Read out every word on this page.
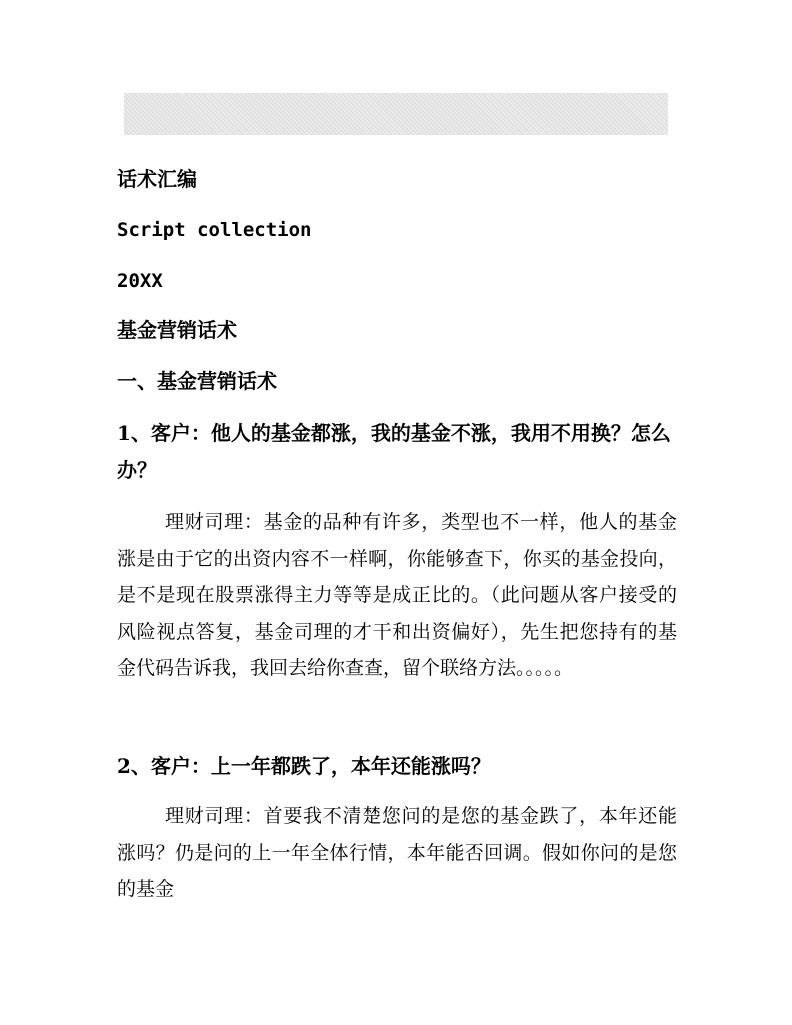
话术汇编
Script collection
20XX
基金营销话术
一、基金营销话术
1、客户：他人的基金都涨，我的基金不涨，我用不用换？怎么办？

理财司理：基金的品种有许多，类型也不一样，他人的基金涨是由于它的出资内容不一样啊，你能够查下，你买的基金投向，是不是现在股票涨得主力等等是成正比的。（此问题从客户接受的风险视点答复，基金司理的才干和出资偏好），先生把您持有的基金代码告诉我，我回去给你查查，留个联络方法。。。。。

2、客户：上一年都跌了，本年还能涨吗？

理财司理：首要我不清楚您问的是您的基金跌了，本年还能涨吗？仍是问的上一年全体行情，本年能否回调。假如你问的是您的基金
